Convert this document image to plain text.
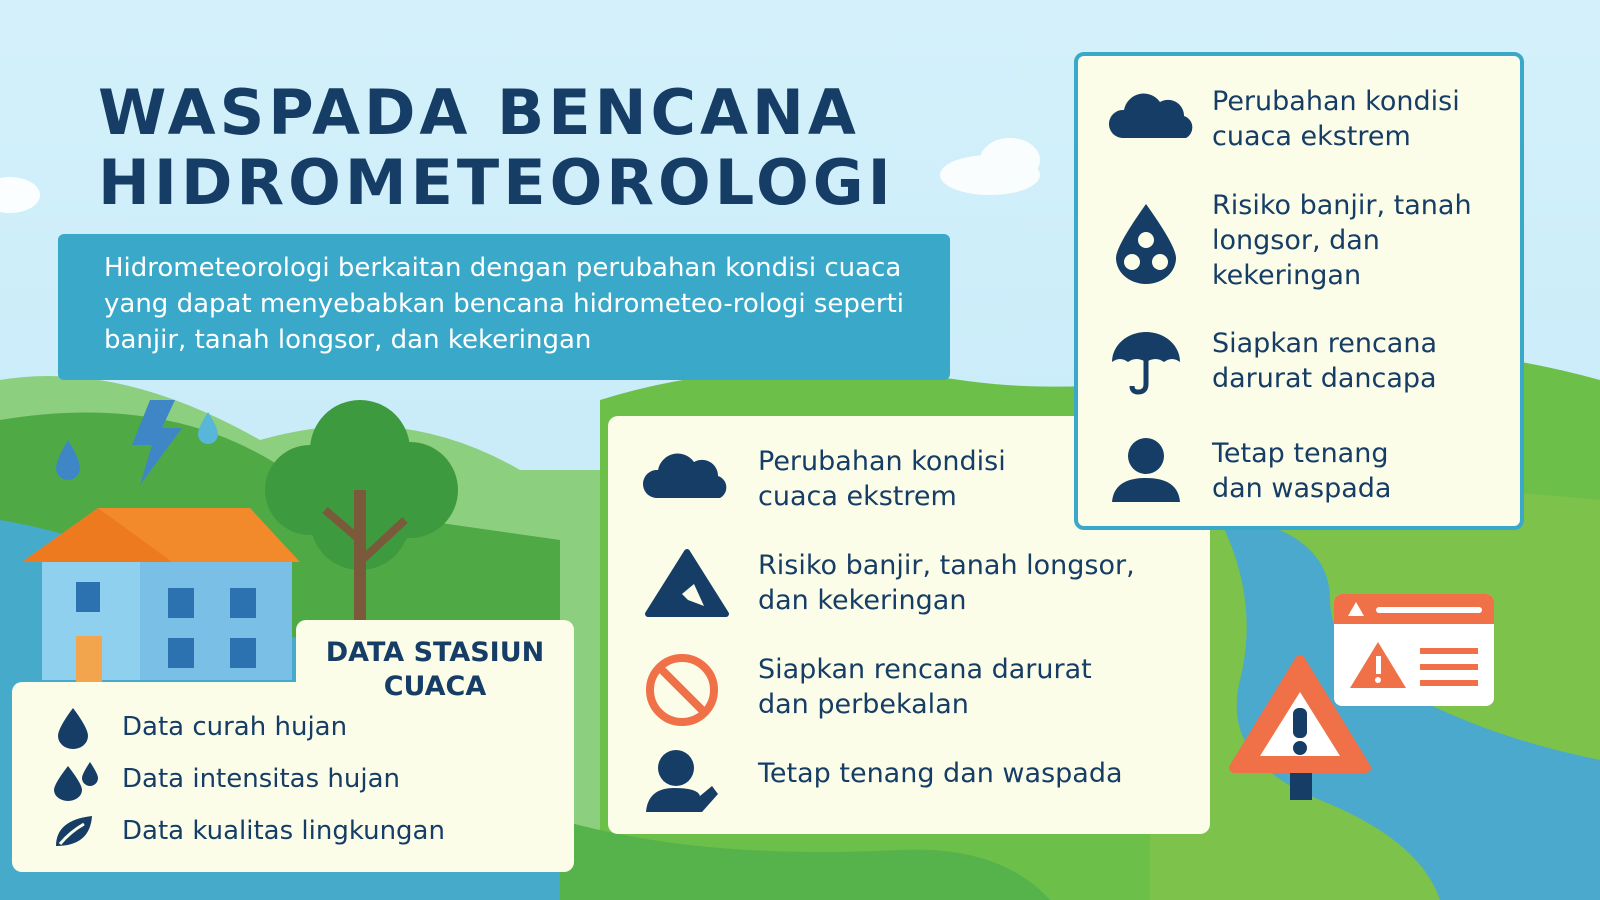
WASPADA BENCANA
HIDROMETEOROLOGI
Hidrometeorologi berkaitan dengan perubahan kondisi cuaca yang dapat menyebabkan bencana hidrometeo-rologi seperti banjir, tanah longsor, dan kekeringan
DATA STASIUN
CUACA
Data curah hujan
Data intensitas hujan
Data kualitas lingkungan
Perubahan kondisi
cuaca ekstrem
Risiko banjir, tanah longsor,
dan kekeringan
Siapkan rencana darurat
dan perbekalan
Tetap tenang dan waspada
Perubahan kondisi
cuaca ekstrem
Risiko banjir, tanah
longsor, dan
kekeringan
Siapkan rencana
darurat dancapa
Tetap tenang
dan waspada
